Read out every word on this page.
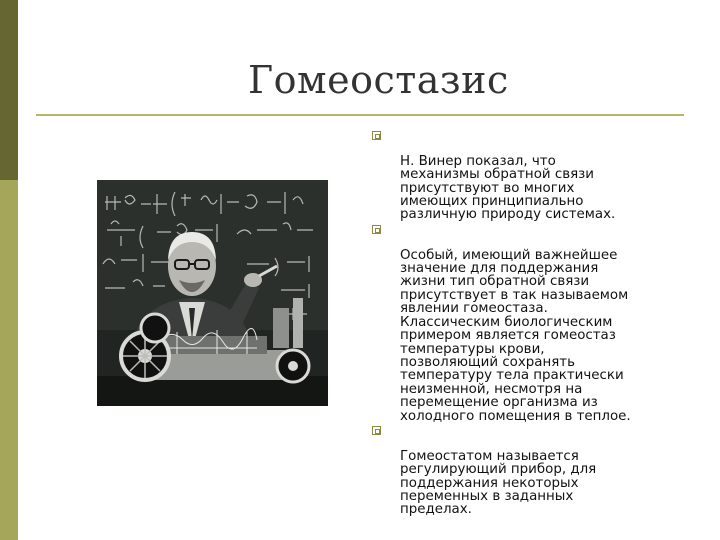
Гомеостазис

Н. Винер показал, что
механизмы обратной связи
присутствуют во многих
имеющих принципиально
различную природу системах.

Особый, имеющий важнейшее
значение для поддержания
жизни тип обратной связи
присутствует в так называемом
явлении гомеостаза.
Классическим биологическим
примером является гомеостаз
температуры крови,
позволяющий сохранять
температуру тела практически
неизменной, несмотря на
перемещение организма из
холодного помещения в теплое.

Гомеостатом называется
регулирующий прибор, для
поддержания некоторых
переменных в заданных
пределах.
